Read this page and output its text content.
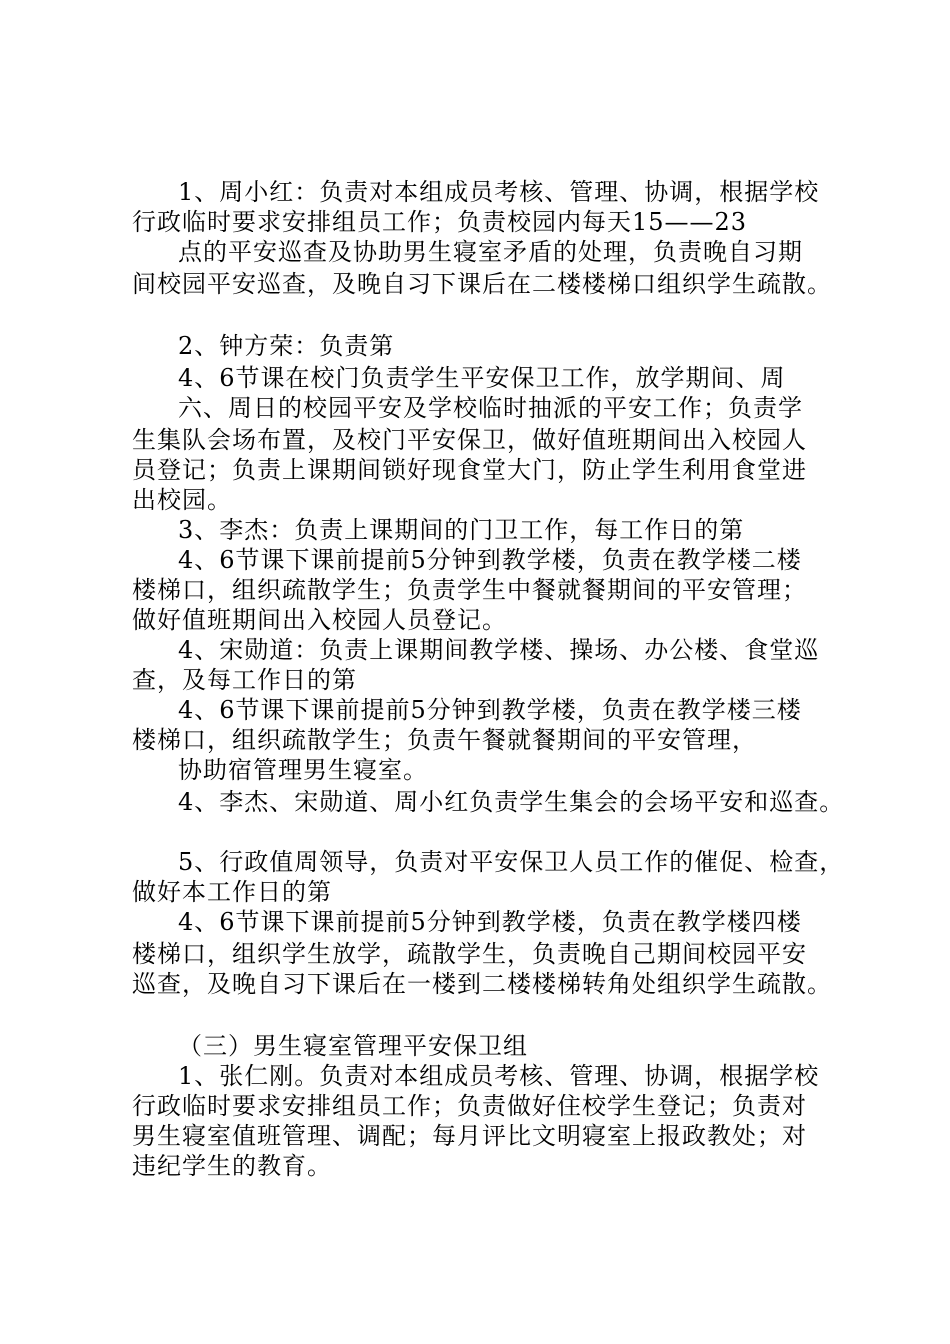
1、周小红：负责对本组成员考核、管理、协调，根据学校
行政临时要求安排组员工作；负责校园内每天15——23
点的平安巡查及协助男生寝室矛盾的处理，负责晚自习期
间校园平安巡查，及晚自习下课后在二楼楼梯口组织学生疏散。
2、钟方荣：负责第
4、6节课在校门负责学生平安保卫工作，放学期间、周
六、周日的校园平安及学校临时抽派的平安工作；负责学
生集队会场布置，及校门平安保卫，做好值班期间出入校园人
员登记；负责上课期间锁好现食堂大门，防止学生利用食堂进
出校园。
3、李杰：负责上课期间的门卫工作，每工作日的第
4、6节课下课前提前5分钟到教学楼，负责在教学楼二楼
楼梯口，组织疏散学生；负责学生中餐就餐期间的平安管理；
做好值班期间出入校园人员登记。
4、宋勋道：负责上课期间教学楼、操场、办公楼、食堂巡
查，及每工作日的第
4、6节课下课前提前5分钟到教学楼，负责在教学楼三楼
楼梯口，组织疏散学生；负责午餐就餐期间的平安管理，
协助宿管理男生寝室。
4、李杰、宋勋道、周小红负责学生集会的会场平安和巡查。
5、行政值周领导，负责对平安保卫人员工作的催促、检查，
做好本工作日的第
4、6节课下课前提前5分钟到教学楼，负责在教学楼四楼
楼梯口，组织学生放学，疏散学生，负责晚自己期间校园平安
巡查，及晚自习下课后在一楼到二楼楼梯转角处组织学生疏散。
（三）男生寝室管理平安保卫组
1、张仁刚。负责对本组成员考核、管理、协调，根据学校
行政临时要求安排组员工作；负责做好住校学生登记；负责对
男生寝室值班管理、调配；每月评比文明寝室上报政教处；对
违纪学生的教育。
